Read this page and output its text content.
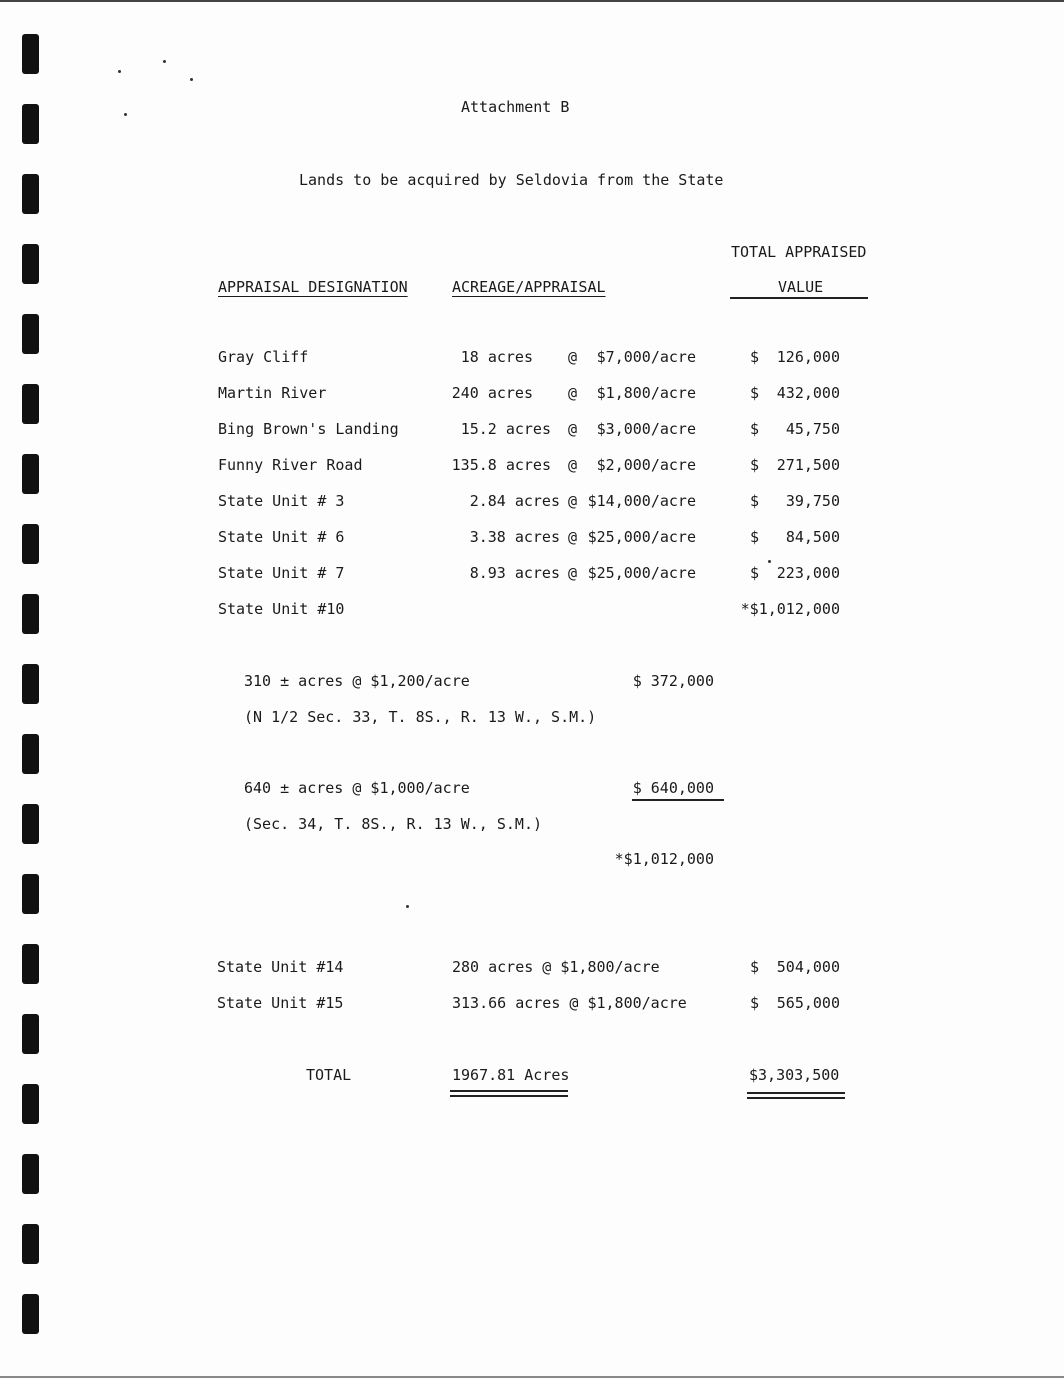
Attachment B
Lands to be acquired by Seldovia from the State
APPRAISAL DESIGNATION	ACREAGE/APPRAISAL
TOTAL APPRAISED
VALUE
Gray Cliff	18 acres @	$7,000/acre	$	126,000
Martin River	240 acres @	$1,800/acre	$	432,000
Bing Brown's Landing	15.2 acres @	$3,000/acre	$	45,750
Funny River Road	135.8 acres @	$2,000/acre	$	271,500
State Unit # 3	2.84 acres @ $14,000/acre	$	39,750
State Unit # 6	3.38 acres @ $25,000/acre	$	84,500
State Unit # 7	8.93 acres @ $25,000/acre	$	223,000
State Unit #10	*$1,012,000
310 ± acres @ $1,200/acre	$ 372,000
(N 1/2 Sec. 33, T. 8S., R. 13 W., S.M.)
640 ± acres @ $1,000/acre	$ 640,000
(Sec. 34, T. 8S., R. 13 W., S.M.)
*$1,012,000
State Unit #14	280 acres @ $1,800/acre	$	504,000
State Unit #15	313.66 acres @ $1,800/acre	$	565,000
TOTAL	1967.81 Acres	$3,303,500
